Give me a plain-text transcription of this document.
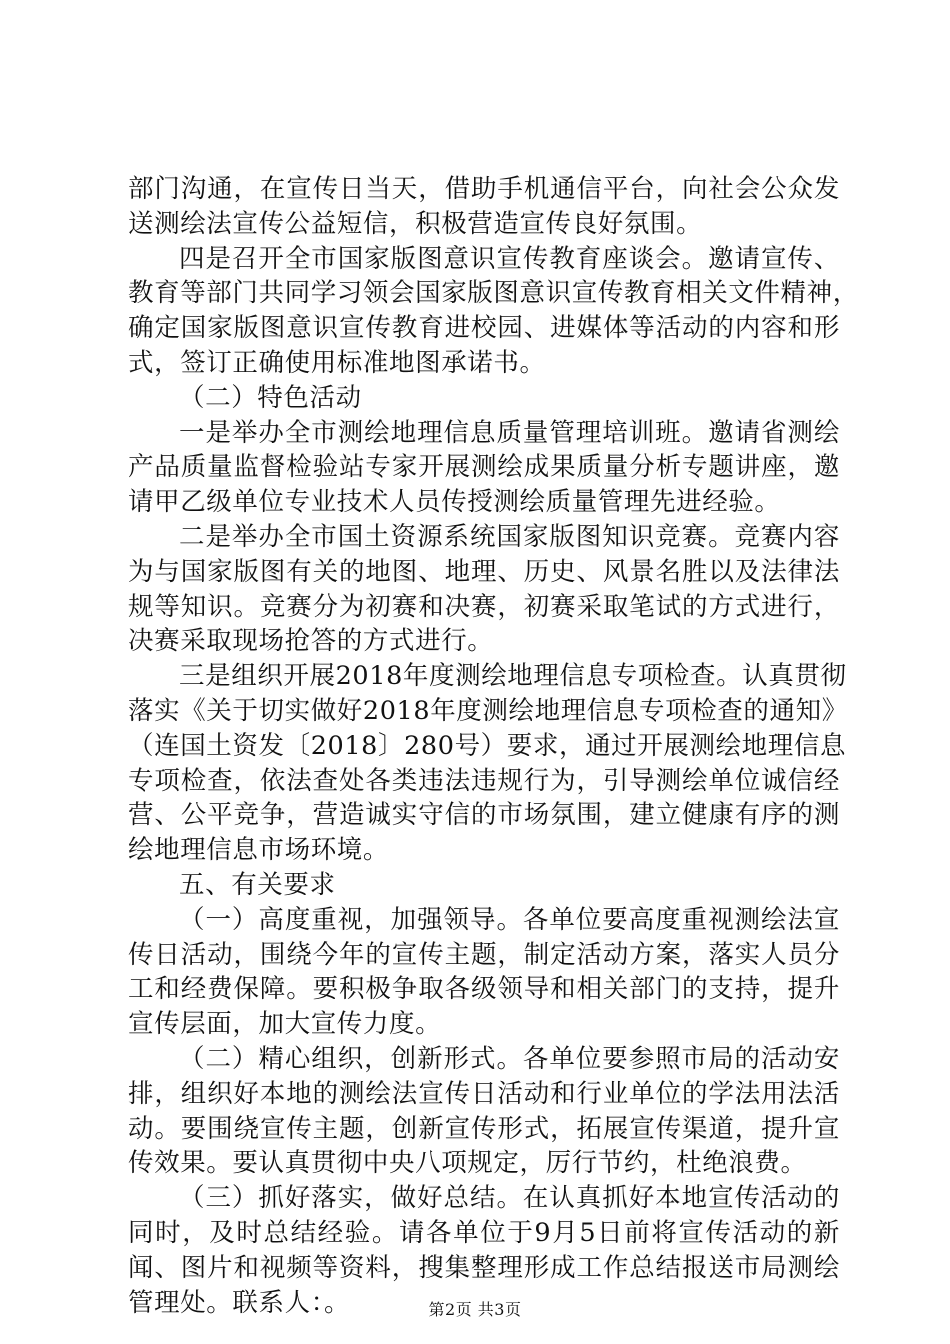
部门沟通，在宣传日当天，借助手机通信平台，向社会公众发
送测绘法宣传公益短信，积极营造宣传良好氛围。
四是召开全市国家版图意识宣传教育座谈会。邀请宣传、
教育等部门共同学习领会国家版图意识宣传教育相关文件精神，
确定国家版图意识宣传教育进校园、进媒体等活动的内容和形
式，签订正确使用标准地图承诺书。
（二）特色活动
一是举办全市测绘地理信息质量管理培训班。邀请省测绘
产品质量监督检验站专家开展测绘成果质量分析专题讲座，邀
请甲乙级单位专业技术人员传授测绘质量管理先进经验。
二是举办全市国土资源系统国家版图知识竞赛。竞赛内容
为与国家版图有关的地图、地理、历史、风景名胜以及法律法
规等知识。竞赛分为初赛和决赛，初赛采取笔试的方式进行，
决赛采取现场抢答的方式进行。
三是组织开展2018年度测绘地理信息专项检查。认真贯彻
落实《关于切实做好2018年度测绘地理信息专项检查的通知》
（连国土资发〔2018〕280号）要求，通过开展测绘地理信息
专项检查，依法查处各类违法违规行为，引导测绘单位诚信经
营、公平竞争，营造诚实守信的市场氛围，建立健康有序的测
绘地理信息市场环境。
五、有关要求
（一）高度重视，加强领导。各单位要高度重视测绘法宣
传日活动，围绕今年的宣传主题，制定活动方案，落实人员分
工和经费保障。要积极争取各级领导和相关部门的支持，提升
宣传层面，加大宣传力度。
（二）精心组织，创新形式。各单位要参照市局的活动安
排，组织好本地的测绘法宣传日活动和行业单位的学法用法活
动。要围绕宣传主题，创新宣传形式，拓展宣传渠道，提升宣
传效果。要认真贯彻中央八项规定，厉行节约，杜绝浪费。
（三）抓好落实，做好总结。在认真抓好本地宣传活动的
同时，及时总结经验。请各单位于9月5日前将宣传活动的新
闻、图片和视频等资料，搜集整理形成工作总结报送市局测绘
管理处。联系人：。	第2页 共3页
